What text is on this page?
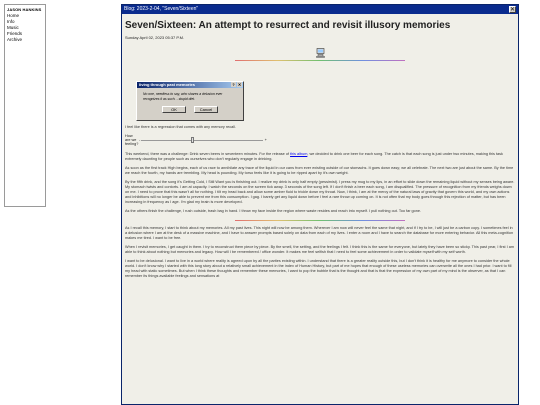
JASON HANKINS
Home
Info
Music
Friends
Archive
Blog: 2023-2-04, "Seven/Sixteen"	✕
Seven/Sixteen: An attempt to resurrect and revisit illusory memories
Sunday April 02, 2023 05:37 P.M.
I feel like there is a regression that comes with any memory recall.
How are we feeling?
-	+

This weekend, there was a challenge: Drink seven beers in seventeen minutes. For the release of this album, we decided to drink one beer for each song. The catch is that each song is just under two minutes, making this task extremely daunting for people such as ourselves who don't regularly engage in drinking.

As soon as the first track High begins, each of us race to annihilate any trace of the liquid in our cans from ever existing outside of our stomachs. It goes down easy; we all celebrate. The next two are just about the same. By the time we reach the fourth, my hands are trembling. My head is pounding. My torso feels like it is going to be ripped apart by it's own weight.

By the fifth drink, and the song it's Getting Cold, I Still Want you is finishing out. I realize my drink is only half empty (pessimist). I press my mug to my lips, in an effort to slide down the remaining liquid without my senses being aware. My stomach twists and contorts. I am at capacity. I watch the seconds on the screen tick away. 3 seconds of the song left. If I don't finish a beer each song, I am disqualified. The pressure of recognition from my friends weighs down on me. I need to prove that this wasn't all for nothing. I tilt my head back and allow some amber fluid to trickle down my throat. Now, I think, I am at the mercy of the natural laws of gravity that govern this world, and my own actions and inhibitions will no longer be able to prevent me from this consumption. I gag. I barely get any liquid down before I feel a rare throw up coming on. It is not often that my body goes through this rejection of matter, but has been increasing in frequency as I age. I'm glad my brain is more developed.

As the others finish the challenge, I rush outside, trash bag in hand. I throw my face inside the region where waste resides and reach into myself. I pull nothing out. Too far gone.

As I recall this memory, I start to think about my memories. All my past lives. This night will now be among them. Wherever I am now will never feel the same that night, and if I try to be, I will just be a carbon copy. I sometimes feel in a delusion where I am at the desk of a massive machine, and I have to answer prompts based solely on data from each of my lives. I enter a room and I have to search the database for more entering behavior. All this meta-cognition makes me tired. I want to be free.

When I revisit memories, I get caught in them. I try to reconstruct them piece by piece. By the smell, the setting, and the feelings I felt. I think this is the same for everyone, but lately they have been so sticky. This past year, I first I am able to think about nothing but memories and legacy. How will I be remembered / office wonder. It makes me feel selfish that I need to feel some achievement in order to validate myself with my self worth.

I want to be delusional. I want to live in a world where reality is agreed upon by all the parties existing within. I understand that there is a greater reality outside this, but I don't think it is healthy for me anymore to consider the whole world. I don't know why I started with this long story about a relatively small achievement in the index of Human History, but part of me hopes that enough of these useless memories can overwrite all the ones I had prior. I want to fill my head with static sometimes. But when I think these thoughts and remember these memories, I want to pop the bubble that is the thought and that is that the expression of my own part of my mind is the observer, as that I can remember its things available feelings and sensations at

living through past memories	? ✕
No one, needless to say, who shares a delusion ever recognizes it as such. - stupid diet.
OK	Cancel
